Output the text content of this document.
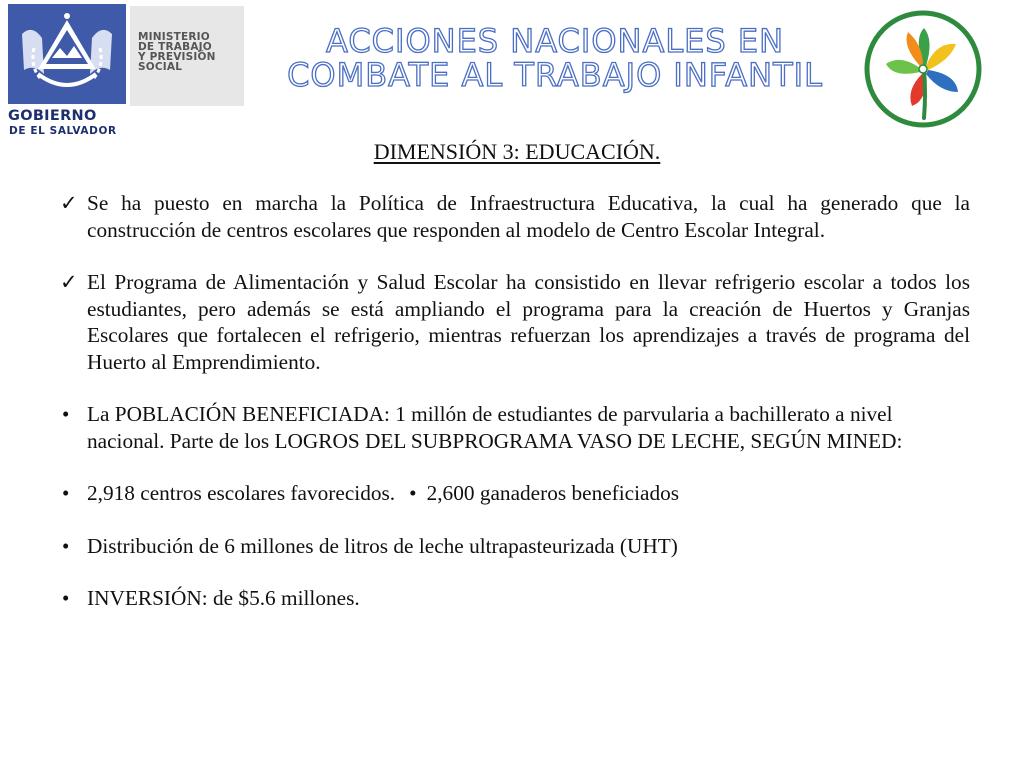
MINISTERIO
DE TRABAJO
Y PREVISIÓN
SOCIAL
GOBIERNO
DE EL SALVADOR
ACCIONES NACIONALES EN COMBATE AL TRABAJO INFANTIL
DIMENSIÓN 3: EDUCACIÓN.
✓ Se ha puesto en marcha la Política de Infraestructura Educativa, la cual ha generado que la construcción de centros escolares que responden al modelo de Centro Escolar Integral.
✓ El Programa de Alimentación y Salud Escolar ha consistido en llevar refrigerio escolar a todos los estudiantes, pero además se está ampliando el programa para la creación de Huertos y Granjas Escolares que fortalecen el refrigerio, mientras refuerzan los aprendizajes a través de programa del Huerto al Emprendimiento.
• La POBLACIÓN BENEFICIADA: 1 millón de estudiantes de parvularia a bachillerato a nivel nacional. Parte de los LOGROS DEL SUBPROGRAMA VASO DE LECHE, SEGÚN MINED:
• 2,918 centros escolares favorecidos. • 2,600 ganaderos beneficiados
• Distribución de 6 millones de litros de leche ultrapasteurizada (UHT)
• INVERSIÓN: de $5.6 millones.
